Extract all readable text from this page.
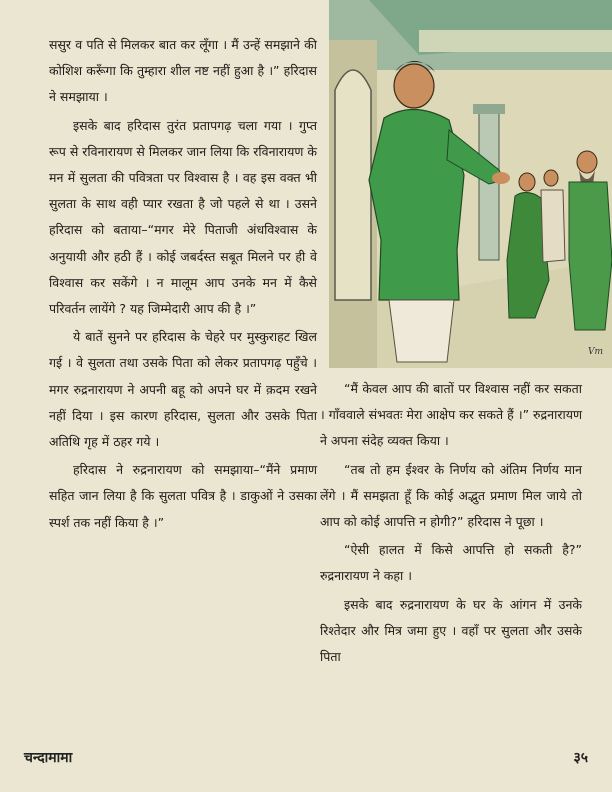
ससुर व पति से मिलकर बात कर लूँगा । मैं उन्हें समझाने की कोशिश करूँगा कि तुम्हारा शील नष्ट नहीं हुआ है ।” हरिदास ने समझाया ।

इसके बाद हरिदास तुरंत प्रतापगढ़ चला गया । गुप्त रूप से रविनारायण से मिलकर जान लिया कि रविनारायण के मन में सुलता की पवित्रता पर विश्वास है । वह इस वक्त भी सुलता के साथ वही प्यार रखता है जो पहले से था । उसने हरिदास को बताया–“मगर मेरे पिताजी अंधविश्वास के अनुयायी और हठी हैं । कोई जबर्दस्त सबूत मिलने पर ही वे विश्वास कर सकेंगे । न मालूम आप उनके मन में कैसे परिवर्तन लायेंगे ? यह जिम्मेदारी आप की है ।”

ये बातें सुनने पर हरिदास के चेहरे पर मुस्कुराहट खिल गई । वे सुलता तथा उसके पिता को लेकर प्रतापगढ़ पहुँचे । मगर रुद्रनारायण ने अपनी बहू को अपने घर में क़दम रखने नहीं दिया । इस कारण हरिदास, सुलता और उसके पिता अतिथि गृह में ठहर गये ।

हरिदास ने रुद्रनारायण को समझाया–“मैंने प्रमाण सहित जान लिया है कि सुलता पवित्र है । डाकुओं ने उसका स्पर्श तक नहीं किया है ।”

Vm

“मैं केवल आप की बातों पर विश्वास नहीं कर सकता । गाँववाले संभवतः मेरा आक्षेप कर सकते हैं ।” रुद्रनारायण ने अपना संदेह व्यक्त किया ।

“तब तो हम ईश्वर के निर्णय को अंतिम निर्णय मान लेंगे । मैं समझता हूँ कि कोई अद्भुत प्रमाण मिल जाये तो आप को कोई आपत्ति न होगी?” हरिदास ने पूछा ।

“ऐसी हालत में किसे आपत्ति हो सकती है?” रुद्रनारायण ने कहा ।

इसके बाद रुद्रनारायण के घर के आंगन में उनके रिश्तेदार और मित्र जमा हुए । वहाँ पर सुलता और उसके पिता

चन्दामामा	३५
